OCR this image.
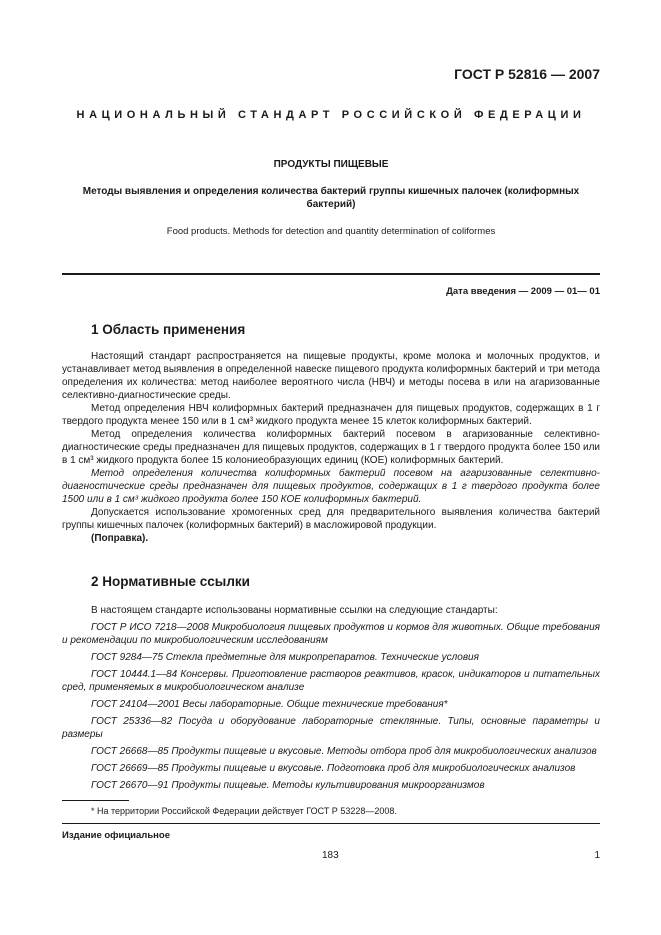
ГОСТ Р 52816 — 2007
НАЦИОНАЛЬНЫЙ СТАНДАРТ РОССИЙСКОЙ ФЕДЕРАЦИИ
ПРОДУКТЫ ПИЩЕВЫЕ
Методы выявления и определения количества бактерий группы кишечных палочек (колиформных бактерий)
Food products. Methods for detection and quantity determination of coliformes
Дата введения — 2009 — 01— 01
1 Область применения

Настоящий стандарт распространяется на пищевые продукты, кроме молока и молочных продуктов, и устанавливает метод выявления в определенной навеске пищевого продукта колиформных бактерий и три метода определения их количества: метод наиболее вероятного числа (НВЧ) и методы посева в или на агаризованные селективно-диагностические среды.

Метод определения НВЧ колиформных бактерий предназначен для пищевых продуктов, содержащих в 1 г твердого продукта менее 150 или в 1 см³ жидкого продукта менее 15 клеток колиформных бактерий.

Метод определения количества колиформных бактерий посевом в агаризованные селективно-диагностические среды предназначен для пищевых продуктов, содержащих в 1 г твердого продукта более 150 или в 1 см³ жидкого продукта более 15 колониеобразующих единиц (КОЕ) колиформных бактерий.

Метод определения количества колиформных бактерий посевом на агаризованные селективно-диагностические среды предназначен для пищевых продуктов, содержащих в 1 г твердого продукта более 1500 или в 1 см³ жидкого продукта более 150 КОЕ колиформных бактерий.

Допускается использование хромогенных сред для предварительного выявления количества бактерий группы кишечных палочек (колиформных бактерий) в масложировой продукции.

(Поправка).

2 Нормативные ссылки

В настоящем стандарте использованы нормативные ссылки на следующие стандарты:

ГОСТ Р ИСО 7218—2008 Микробиология пищевых продуктов и кормов для животных. Общие требования и рекомендации по микробиологическим исследованиям

ГОСТ 9284—75 Стекла предметные для микропрепаратов. Технические условия

ГОСТ 10444.1—84 Консервы. Приготовление растворов реактивов, красок, индикаторов и питательных сред, применяемых в микробиологическом анализе

ГОСТ 24104—2001 Весы лабораторные. Общие технические требования*

ГОСТ 25336—82 Посуда и оборудование лабораторные стеклянные. Типы, основные параметры и размеры

ГОСТ 26668—85 Продукты пищевые и вкусовые. Методы отбора проб для микробиологических анализов

ГОСТ 26669—85 Продукты пищевые и вкусовые. Подготовка проб для микробиологических анализов

ГОСТ 26670—91 Продукты пищевые. Методы культивирования микроорганизмов

* На территории Российской Федерации действует ГОСТ Р 53228—2008.
Издание официальное
183	1
